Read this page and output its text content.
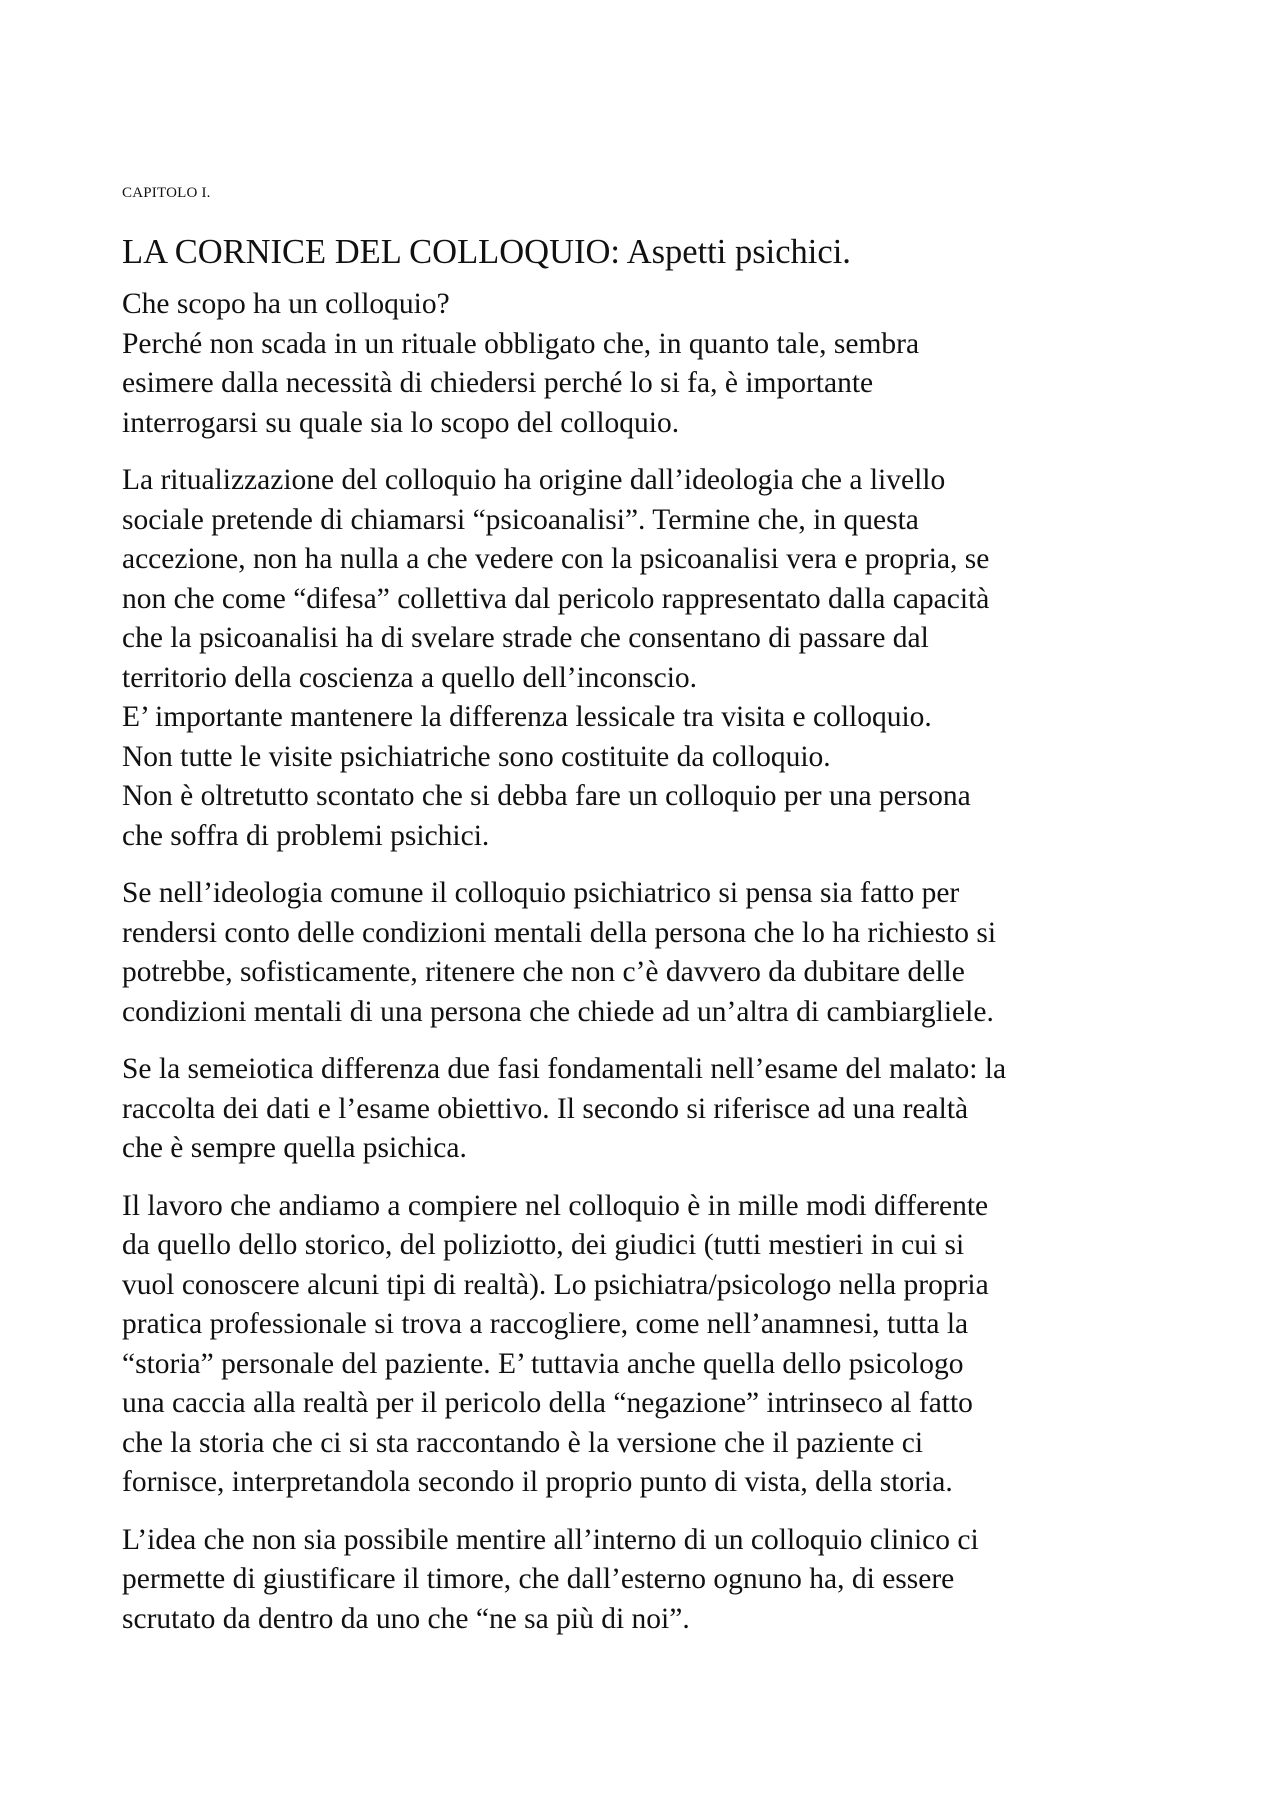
CAPITOLO I.
LA CORNICE DEL COLLOQUIO: Aspetti psichici.
Che scopo ha un colloquio?
Perché non scada in un rituale obbligato che, in quanto tale, sembra
esimere dalla necessità di chiedersi perché lo si fa, è importante
interrogarsi su quale sia lo scopo del colloquio.
La ritualizzazione del colloquio ha origine dall’ideologia che a livello
sociale pretende di chiamarsi “psicoanalisi”. Termine che, in questa
accezione, non ha nulla a che vedere con la psicoanalisi vera e propria, se
non che come “difesa” collettiva dal pericolo rappresentato dalla capacità
che la psicoanalisi ha di svelare strade che consentano di passare dal
territorio della coscienza a quello dell’inconscio.
E’ importante mantenere la differenza lessicale tra visita e colloquio.
Non tutte le visite psichiatriche sono costituite da colloquio.
Non è oltretutto scontato che si debba fare un colloquio per una persona
che soffra di problemi psichici.
Se nell’ideologia comune il colloquio psichiatrico si pensa sia fatto per
rendersi conto delle condizioni mentali della persona che lo ha richiesto si
potrebbe, sofisticamente, ritenere che non c’è davvero da dubitare delle
condizioni mentali di una persona che chiede ad un’altra di cambiargliele.
Se la semeiotica differenza due fasi fondamentali nell’esame del malato: la
raccolta dei dati e l’esame obiettivo. Il secondo si riferisce ad una realtà
che è sempre quella psichica.
Il lavoro che andiamo a compiere nel colloquio è in mille modi differente
da quello dello storico, del poliziotto, dei giudici (tutti mestieri in cui si
vuol conoscere alcuni tipi di realtà). Lo psichiatra/psicologo nella propria
pratica professionale si trova a raccogliere, come nell’anamnesi, tutta la
“storia” personale del paziente. E’ tuttavia anche quella dello psicologo
una caccia alla realtà per il pericolo della “negazione” intrinseco al fatto
che la storia che ci si sta raccontando è la versione che il paziente ci
fornisce, interpretandola secondo il proprio punto di vista, della storia.
L’idea che non sia possibile mentire all’interno di un colloquio clinico ci
permette di giustificare il timore, che dall’esterno ognuno ha, di essere
scrutato da dentro da uno che “ne sa più di noi”.
